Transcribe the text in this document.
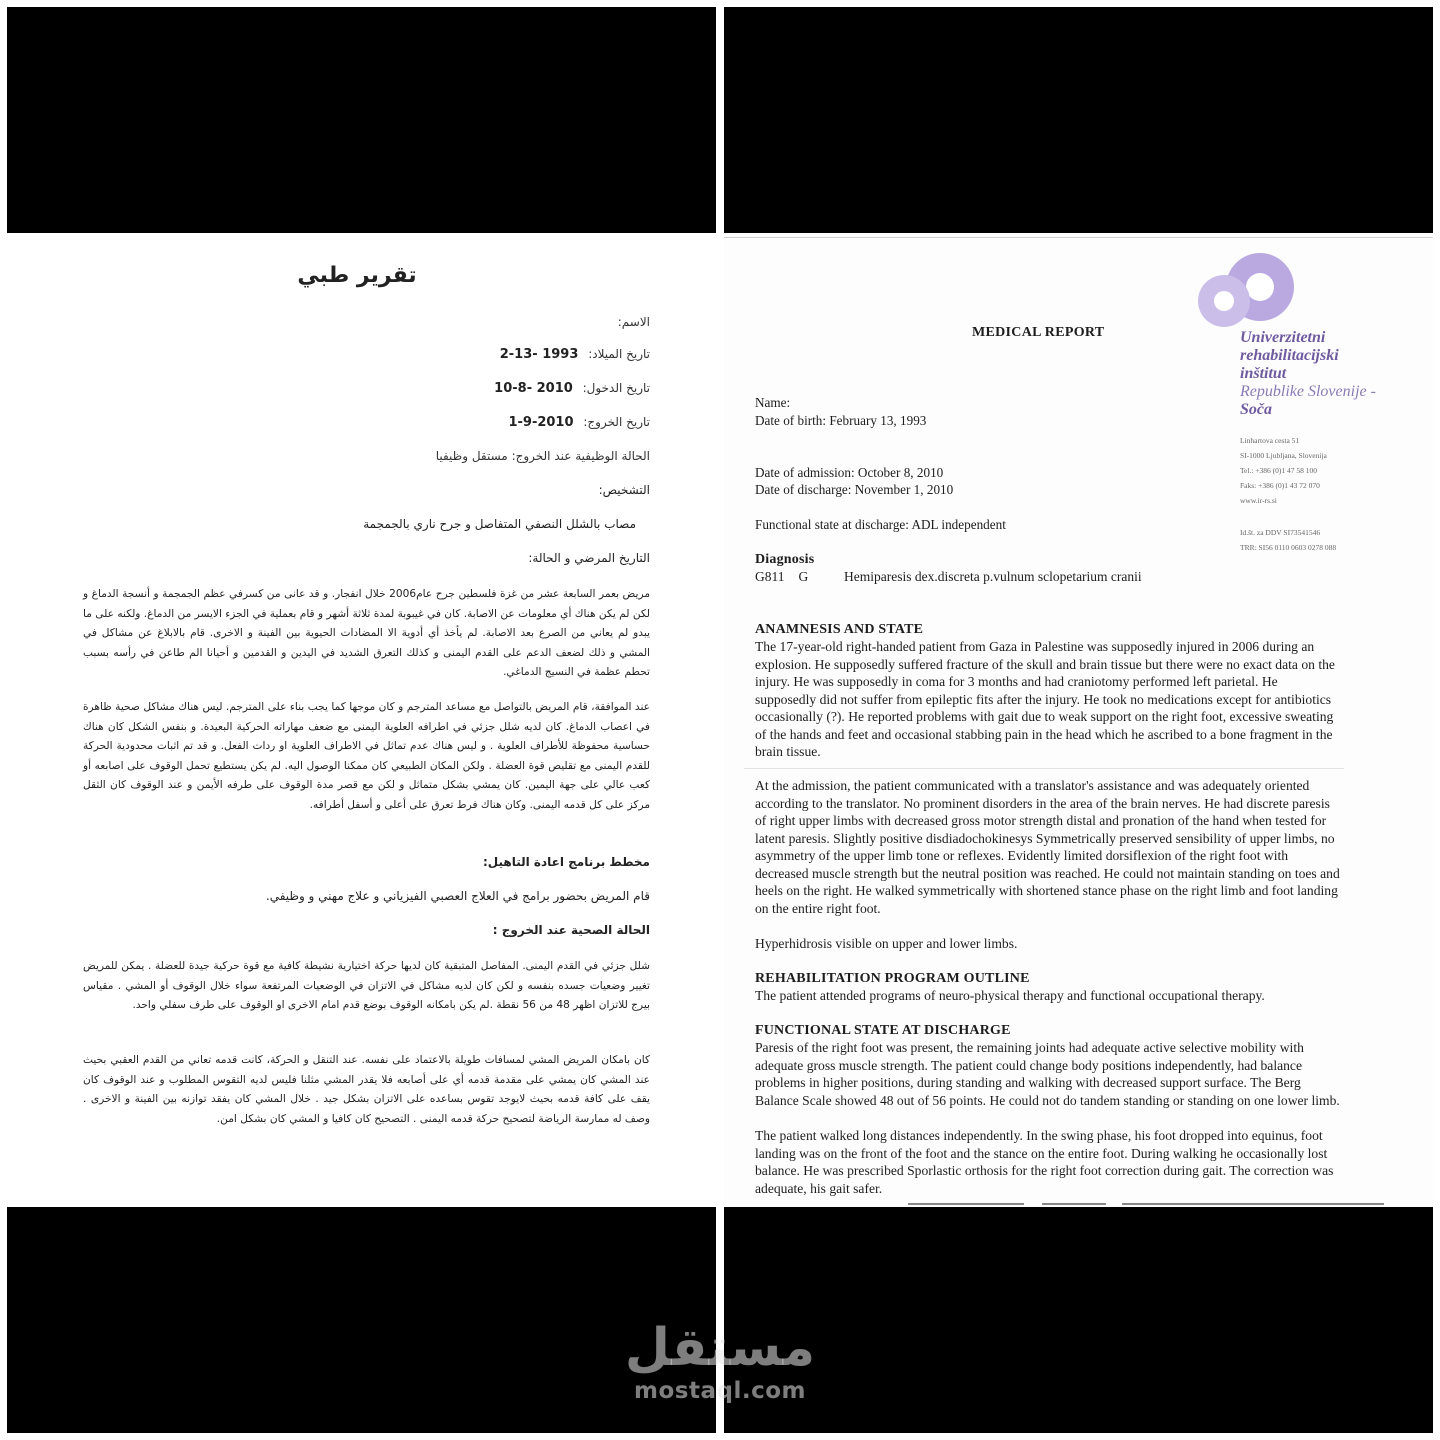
تقرير طبي
الاسم:
تاريخ الميلاد: 2-13- 1993
تاريخ الدخول: 10-8- 2010
تاريخ الخروج: 1-9-2010
الحالة الوظيفية عند الخروج: مستقل وظيفيا
التشخيص:
مصاب بالشلل النصفي المتفاصل و جرح ناري بالجمجمة
التاريخ المرضي و الحالة:
مريض بعمر السابعة عشر من غزة فلسطين جرح عام2006 خلال انفجار. و قد عانى من كسرفي عظم الجمجمة و أنسجة الدماغ و لكن لم يكن هناك أي معلومات عن الاصابة. كان في غيبوبة لمدة ثلاثة أشهر و قام بعملية في الجزء الايسر من الدماغ. ولكنه على ما يبدو لم يعاني من الصرع بعد الاصابة. لم يأخذ أي أدوية الا المضادات الحيوية بين الفينة و الاخرى. قام بالابلاغ عن مشاكل في المشي و ذلك لضعف الدعم على القدم اليمنى و كذلك التعرق الشديد في اليدين و القدمين و أحيانا الم طاعن في رأسه بسبب تحطم عظمة في النسيج الدماغي.
عند الموافقة، قام المريض بالتواصل مع مساعد المترجم و كان موجها كما يجب بناء على المترجم. ليس هناك مشاكل صحية ظاهرة في اعصاب الدماغ. كان لديه شلل جزئي في اطرافه العلوية اليمنى مع ضعف مهاراته الحركية البعيدة. و بنفس الشكل كان هناك حساسية محفوظة للأطراف العلوية . و ليس هناك عدم تماثل في الاطراف العلوية او ردات الفعل. و قد تم اثبات محدودية الحركة للقدم اليمنى مع تقليص قوة العضلة . ولكن المكان الطبيعي كان ممكنا الوصول اليه. لم يكن يستطيع تحمل الوقوف على اصابعه أو كعب عالي على جهة اليمين. كان يمشي بشكل متماثل و لكن مع قصر مدة الوقوف على طرفه الأيمن و عند الوقوف كان الثقل مركز على كل قدمه اليمنى. وكان هناك فرط تعرق على أعلى و أسفل أطرافه.
مخطط برنامج اعادة التاهيل:
قام المريض بحضور برامج في العلاج العصبي الفيزياني و علاج مهني و وظيفي.
الحالة الصحية عند الخروج :
شلل جزئي في القدم اليمنى. المفاصل المتبقية كان لديها حركة اختيارية نشيطة كافية مع قوة حركية جيدة للعضلة . يمكن للمريض تغيير وضعيات جسده بنفسه و لكن كان لديه مشاكل في الاتزان في الوضعيات المرتفعة سواء خلال الوقوف أو المشي . مقياس بيرج للاتزان اظهر 48 من 56 نقطة .لم يكن بامكانه الوقوف بوضع قدم امام الاخرى او الوقوف على طرف سفلي واحد.
كان بامكان المريض المشي لمسافات طويلة بالاعتماد على نفسه. عند التنقل و الحركة، كانت قدمه تعاني من القدم العقبي بحيث عند المشي كان يمشي على مقدمة قدمه أي على أصابعه فلا يقدر المشي مثلنا فليس لديه التقوس المطلوب و عند الوقوف كان يقف على كافة قدمه بحيث لايوجد تقوس بساعده على الاتزان بشكل جيد . خلال المشي كان يفقد توازنه بين الفينة و الاخرى . وصف له ممارسة الرياضة لتصحيح حركة قدمه اليمنى . التصحيح كان كافيا و المشي كان بشكل امن.
Univerzitetni
rehabilitacijski
inštitut
Republike Slovenije -
Soča
Linhartova cesta 51
SI-1000 Ljubljana, Slovenija
Tel.: +386 (0)1 47 58 100
Faks: +386 (0)1 43 72 070
www.ir-rs.si
Id.št. za DDV SI73541546
TRR: SI56 0110 0603 0278 088
MEDICAL REPORT
Name:
Date of birth: February 13, 1993
Date of admission: October 8, 2010
Date of discharge: November 1, 2010
Functional state at discharge: ADL independent
Diagnosis
G811 G	Hemiparesis dex.discreta p.vulnum sclopetarium cranii
ANAMNESIS AND STATE
The 17-year-old right-handed patient from Gaza in Palestine was supposedly injured in 2006 during an explosion. He supposedly suffered fracture of the skull and brain tissue but there were no exact data on the injury. He was supposedly in coma for 3 months and had craniotomy performed left parietal. He supposedly did not suffer from epileptic fits after the injury. He took no medications except for antibiotics occasionally (?). He reported problems with gait due to weak support on the right foot, excessive sweating of the hands and feet and occasional stabbing pain in the head which he ascribed to a bone fragment in the brain tissue.
At the admission, the patient communicated with a translator's assistance and was adequately oriented according to the translator. No prominent disorders in the area of the brain nerves. He had discrete paresis of right upper limbs with decreased gross motor strength distal and pronation of the hand when tested for latent paresis. Slightly positive disdiadochokinesys Symmetrically preserved sensibility of upper limbs, no asymmetry of the upper limb tone or reflexes. Evidently limited dorsiflexion of the right foot with decreased muscle strength but the neutral position was reached. He could not maintain standing on toes and heels on the right. He walked symmetrically with shortened stance phase on the right limb and foot landing on the entire right foot.
Hyperhidrosis visible on upper and lower limbs.
REHABILITATION PROGRAM OUTLINE
The patient attended programs of neuro-physical therapy and functional occupational therapy.
FUNCTIONAL STATE AT DISCHARGE
Paresis of the right foot was present, the remaining joints had adequate active selective mobility with adequate gross muscle strength. The patient could change body positions independently, had balance problems in higher positions, during standing and walking with decreased support surface. The Berg Balance Scale showed 48 out of 56 points. He could not do tandem standing or standing on one lower limb.
The patient walked long distances independently. In the swing phase, his foot dropped into equinus, foot landing was on the front of the foot and the stance on the entire foot. During walking he occasionally lost balance. He was prescribed Sporlastic orthosis for the right foot correction during gait. The correction was adequate, his gait safer.
مستقل
mostaql.com
